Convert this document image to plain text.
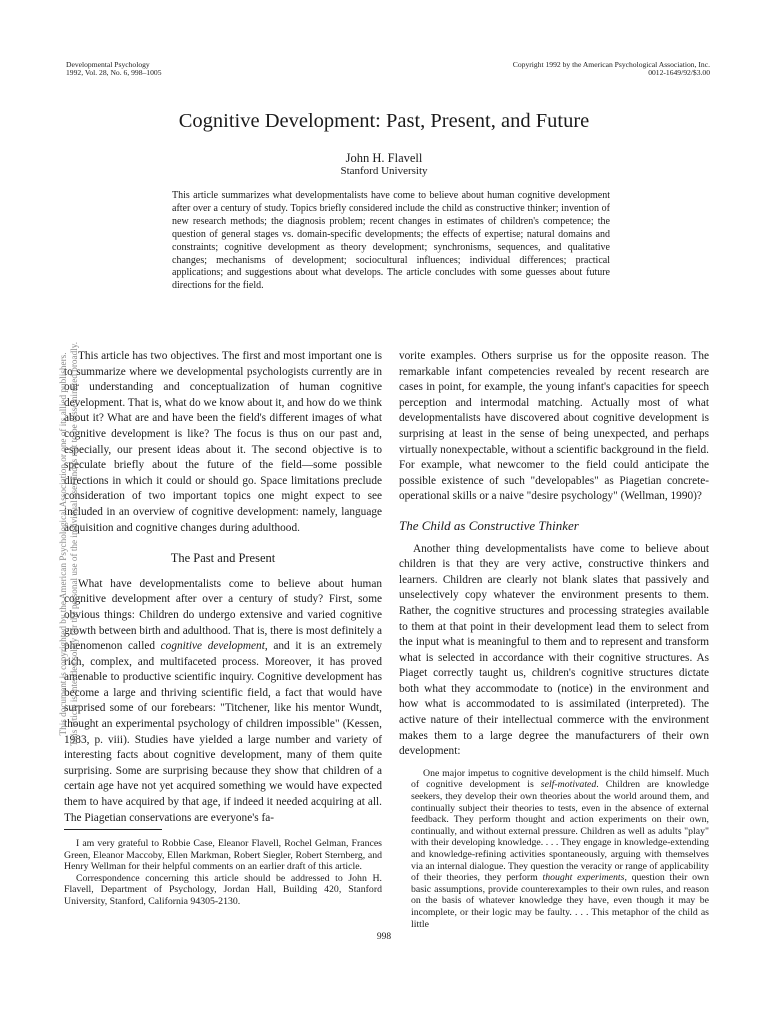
Developmental Psychology
1992, Vol. 28, No. 6, 998–1005
Copyright 1992 by the American Psychological Association, Inc.
0012-1649/92/$3.00
Cognitive Development: Past, Present, and Future
John H. Flavell
Stanford University
This article summarizes what developmentalists have come to believe about human cognitive development after over a century of study. Topics briefly considered include the child as constructive thinker; invention of new research methods; the diagnosis problem; recent changes in estimates of children's competence; the question of general stages vs. domain-specific developments; the effects of expertise; natural domains and constraints; cognitive development as theory development; synchronisms, sequences, and qualitative changes; mechanisms of development; sociocultural influences; individual differences; practical applications; and suggestions about what develops. The article concludes with some guesses about future directions for the field.

This article has two objectives. The first and most important one is to summarize where we developmental psychologists currently are in our understanding and conceptualization of human cognitive development. That is, what do we know about it, and how do we think about it? What are and have been the field's different images of what cognitive development is like? The focus is thus on our past and, especially, our present ideas about it. The second objective is to speculate briefly about the future of the field—some possible directions in which it could or should go. Space limitations preclude consideration of two important topics one might expect to see included in an overview of cognitive development: namely, language acquisition and cognitive changes during adulthood.

The Past and Present

What have developmentalists come to believe about human cognitive development after over a century of study? First, some obvious things: Children do undergo extensive and varied cognitive growth between birth and adulthood. That is, there is most definitely a phenomenon called cognitive development, and it is an extremely rich, complex, and multifaceted process. Moreover, it has proved amenable to productive scientific inquiry. Cognitive development has become a large and thriving scientific field, a fact that would have surprised some of our forebears: "Titchener, like his mentor Wundt, thought an experimental psychology of children impossible" (Kessen, 1983, p. viii). Studies have yielded a large number and variety of interesting facts about cognitive development, many of them quite surprising. Some are surprising because they show that children of a certain age have not yet acquired something we would have expected them to have acquired by that age, if indeed it needed acquiring at all. The Piagetian conservations are everyone's fa-

vorite examples. Others surprise us for the opposite reason. The remarkable infant competencies revealed by recent research are cases in point, for example, the young infant's capacities for speech perception and intermodal matching. Actually most of what developmentalists have discovered about cognitive development is surprising at least in the sense of being unexpected, and perhaps virtually nonexpectable, without a scientific background in the field. For example, what newcomer to the field could anticipate the possible existence of such "developables" as Piagetian concrete-operational skills or a naive "desire psychology" (Wellman, 1990)?

The Child as Constructive Thinker

Another thing developmentalists have come to believe about children is that they are very active, constructive thinkers and learners. Children are clearly not blank slates that passively and unselectively copy whatever the environment presents to them. Rather, the cognitive structures and processing strategies available to them at that point in their development lead them to select from the input what is meaningful to them and to represent and transform what is selected in accordance with their cognitive structures. As Piaget correctly taught us, children's cognitive structures dictate both what they accommodate to (notice) in the environment and how what is accommodated to is assimilated (interpreted). The active nature of their intellectual commerce with the environment makes them to a large degree the manufacturers of their own development:

One major impetus to cognitive development is the child himself. Much of cognitive development is self-motivated. Children are knowledge seekers, they develop their own theories about the world around them, and continually subject their theories to tests, even in the absence of external feedback. They perform thought and action experiments on their own, continually, and without external pressure. Children as well as adults "play" with their developing knowledge. . . . They engage in knowledge-extending and knowledge-refining activities spontaneously, arguing with themselves via an internal dialogue. They question the veracity or range of applicability of their theories, they perform thought experiments, question their own basic assumptions, provide counterexamples to their own rules, and reason on the basis of whatever knowledge they have, even though it may be incomplete, or their logic may be faulty. . . . This metaphor of the child as little

I am very grateful to Robbie Case, Eleanor Flavell, Rochel Gelman, Frances Green, Eleanor Maccoby, Ellen Markman, Robert Siegler, Robert Sternberg, and Henry Wellman for their helpful comments on an earlier draft of this article.

Correspondence concerning this article should be addressed to John H. Flavell, Department of Psychology, Jordan Hall, Building 420, Stanford University, Stanford, California 94305-2130.

998
This document is copyrighted by the American Psychological Association or one of its allied publishers. This article is intended solely for the personal use of the individual user and is not to be disseminated broadly.
